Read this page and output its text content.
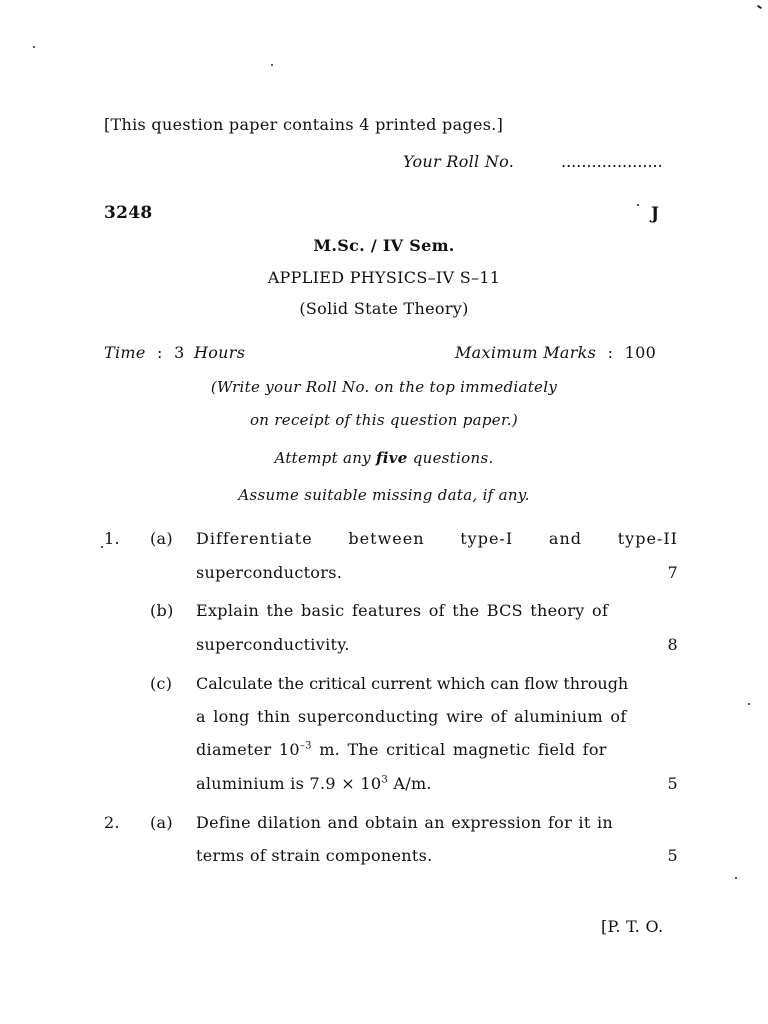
[This question paper contains 4 printed pages.]
Your Roll No.	....................
3248	J
M.Sc. / IV Sem.
APPLIED PHYSICS–IV S–11
(Solid State Theory)
Time : 3 Hours	Maximum Marks : 100
(Write your Roll No. on the top immediately
on receipt of this question paper.)
Attempt any five questions.
Assume suitable missing data, if any.
1. (a) Differentiate between type-I and type-II
superconductors.	7
(b) Explain the basic features of the BCS theory of
superconductivity.	8
(c) Calculate the critical current which can flow through
a long thin superconducting wire of aluminium of
diameter $10^{-3}$ m. The critical magnetic field for
aluminium is $7.9 \times 10^3$ A/m.	5
2. (a) Define dilation and obtain an expression for it in
terms of strain components.	5
[P. T. O.
